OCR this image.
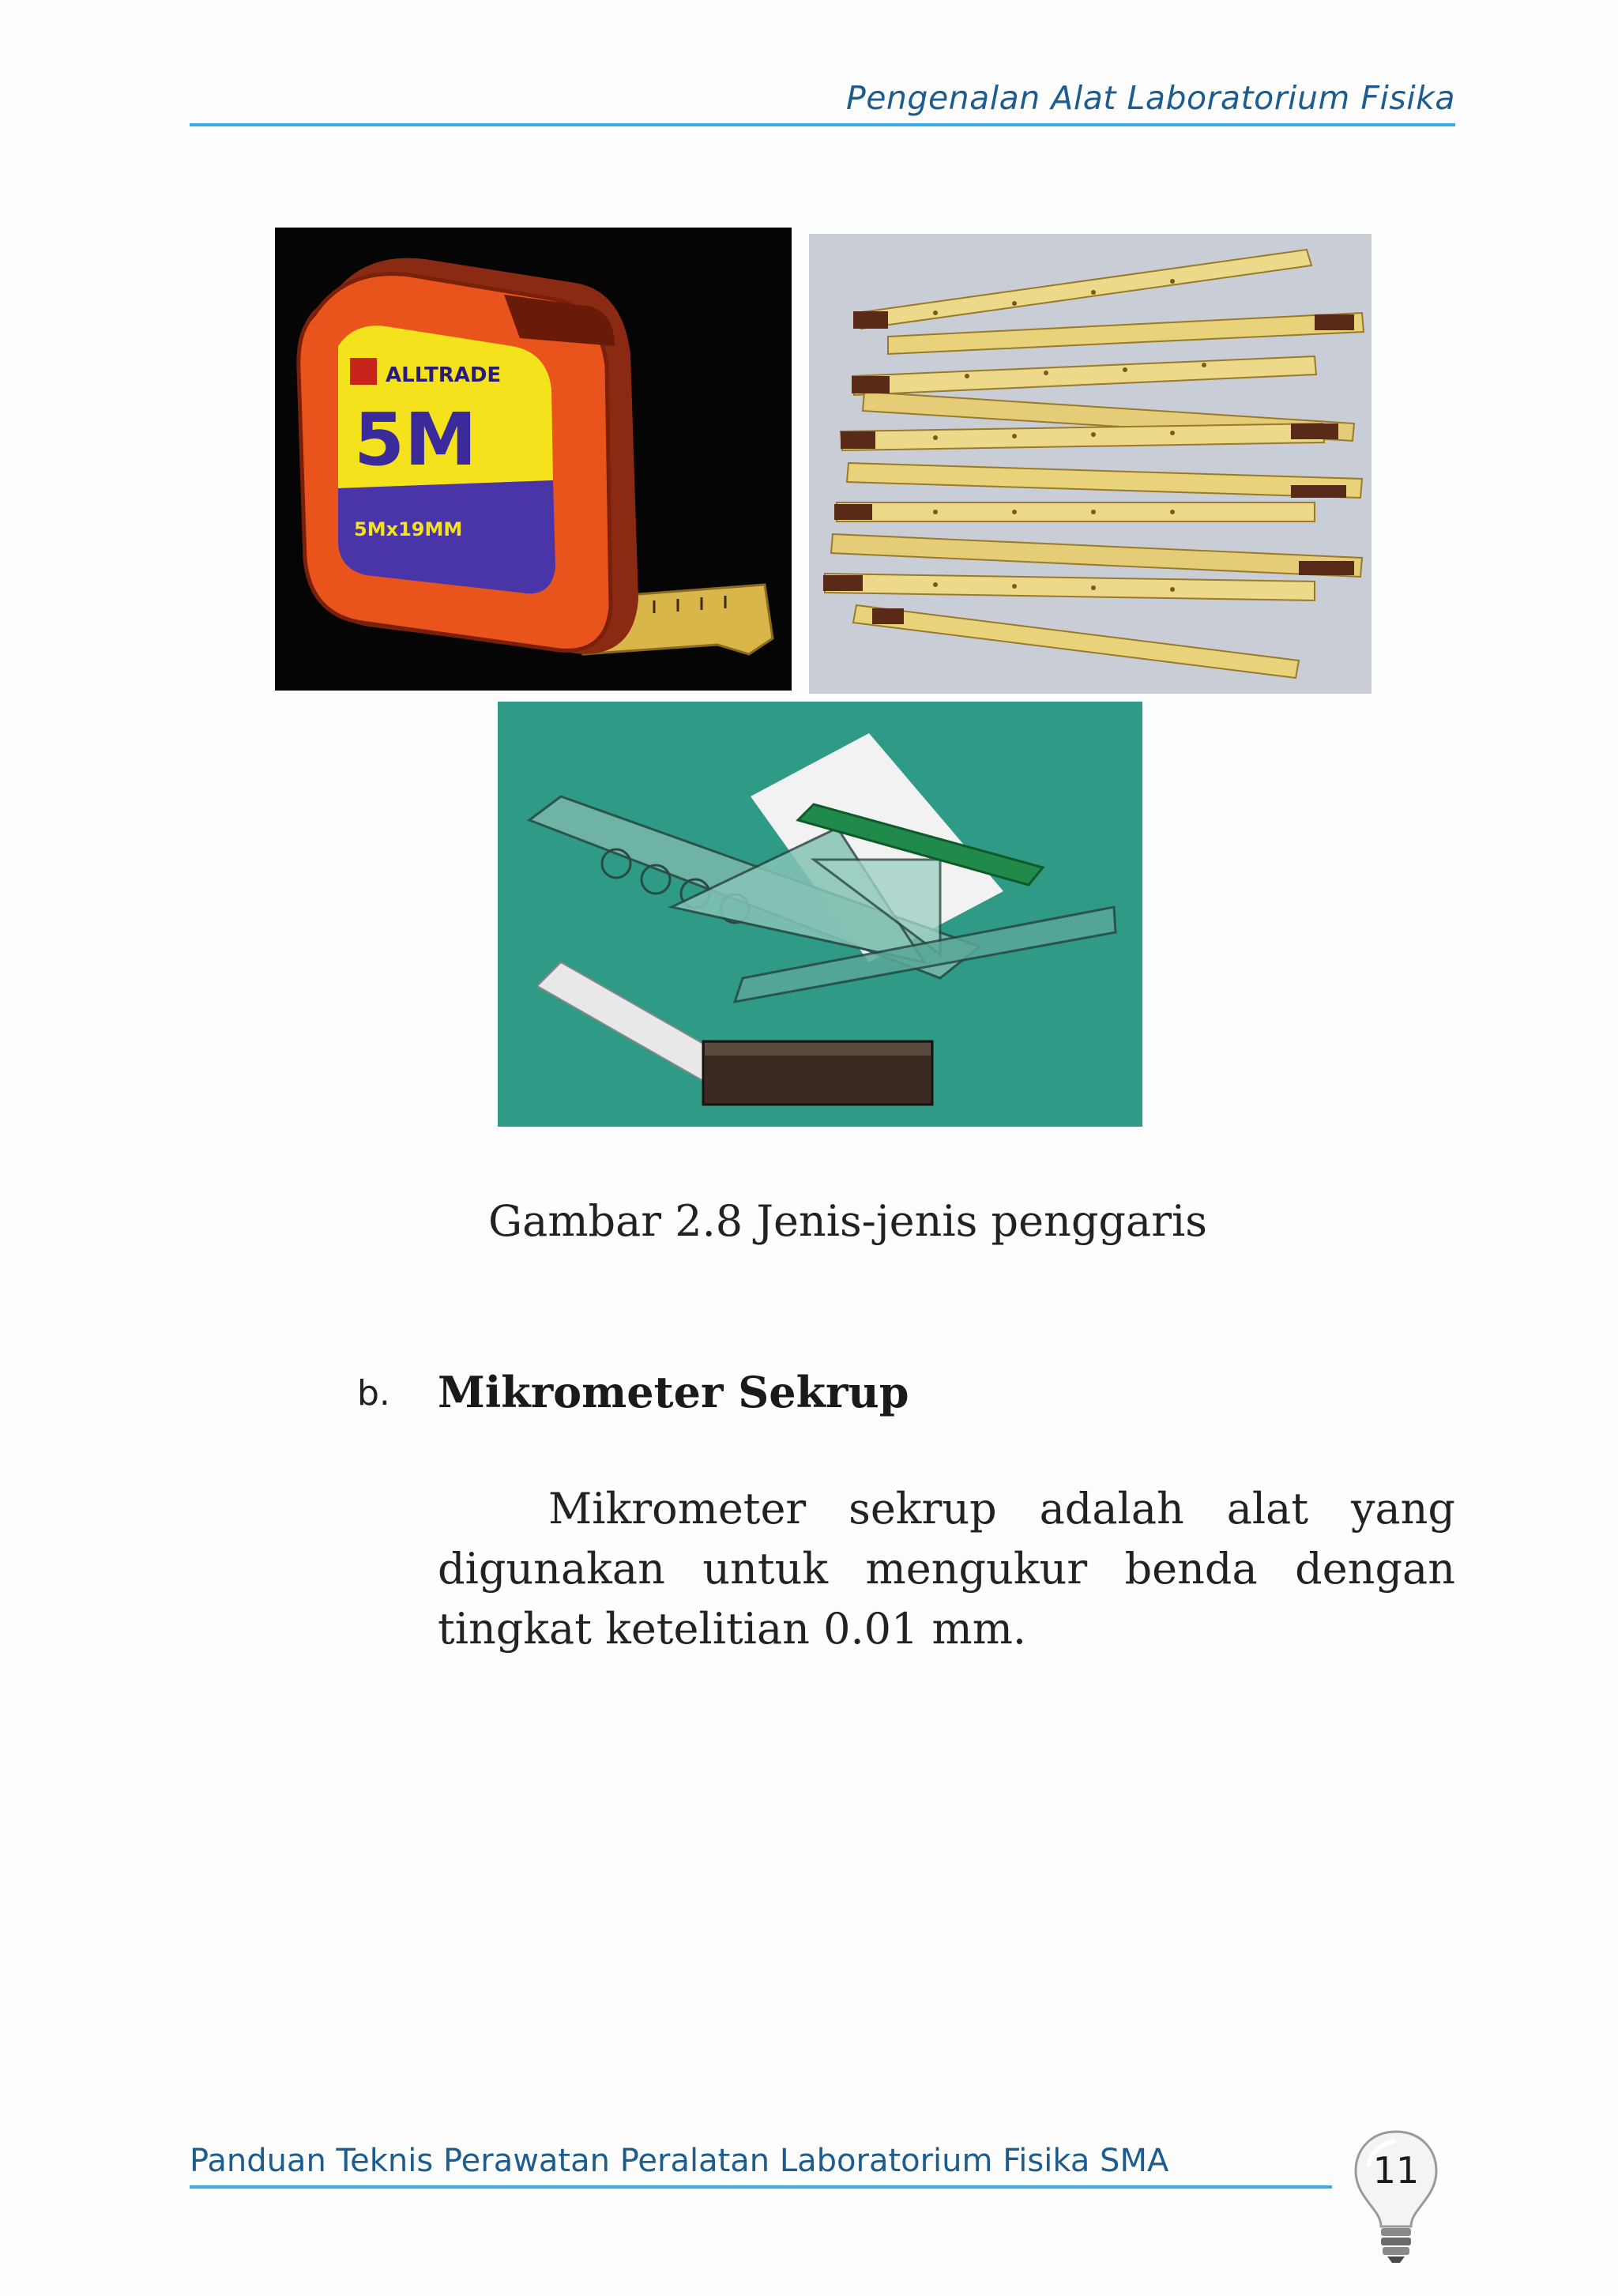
Pengenalan Alat Laboratorium Fisika
ALLTRADE
5M
5Mx19MM
Gambar 2.8 Jenis-jenis penggaris
b. Mikrometer Sekrup
Mikrometer sekrup adalah alat yang digunakan untuk mengukur benda dengan tingkat ketelitian 0.01 mm.
Panduan Teknis Perawatan Peralatan Laboratorium Fisika SMA	11
